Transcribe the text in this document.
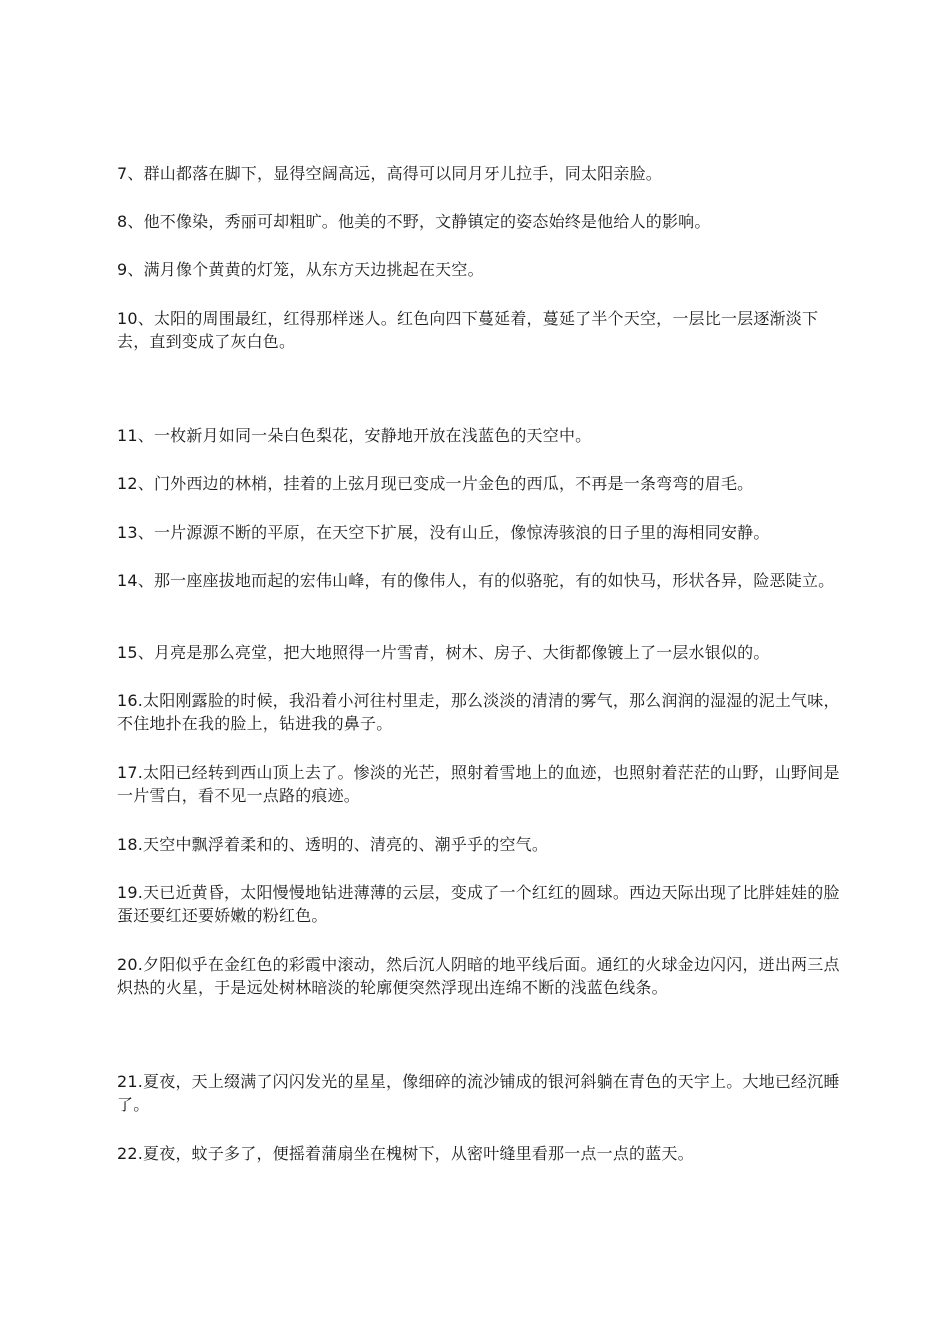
7、群山都落在脚下，显得空阔高远，高得可以同月牙儿拉手，同太阳亲脸。

8、他不像染，秀丽可却粗旷。他美的不野，文静镇定的姿态始终是他给人的影响。

9、满月像个黄黄的灯笼，从东方天边挑起在天空。

10、太阳的周围最红，红得那样迷人。红色向四下蔓延着，蔓延了半个天空，一层比一层逐渐淡下去，直到变成了灰白色。

11、一枚新月如同一朵白色梨花，安静地开放在浅蓝色的天空中。

12、门外西边的林梢，挂着的上弦月现已变成一片金色的西瓜，不再是一条弯弯的眉毛。

13、一片源源不断的平原，在天空下扩展，没有山丘，像惊涛骇浪的日子里的海相同安静。

14、那一座座拔地而起的宏伟山峰，有的像伟人，有的似骆驼，有的如快马，形状各异，险恶陡立。

15、月亮是那么亮堂，把大地照得一片雪青，树木、房子、大街都像镀上了一层水银似的。

16.太阳刚露脸的时候，我沿着小河往村里走，那么淡淡的清清的雾气，那么润润的湿湿的泥土气味，不住地扑在我的脸上，钻进我的鼻子。

17.太阳已经转到西山顶上去了。惨淡的光芒，照射着雪地上的血迹，也照射着茫茫的山野，山野间是一片雪白，看不见一点路的痕迹。

18.天空中飘浮着柔和的、透明的、清亮的、潮乎乎的空气。

19.天已近黄昏，太阳慢慢地钻进薄薄的云层，变成了一个红红的圆球。西边天际出现了比胖娃娃的脸蛋还要红还要娇嫩的粉红色。

20.夕阳似乎在金红色的彩霞中滚动，然后沉人阴暗的地平线后面。通红的火球金边闪闪，迸出两三点炽热的火星，于是远处树林暗淡的轮廓便突然浮现出连绵不断的浅蓝色线条。

21.夏夜，天上缀满了闪闪发光的星星，像细碎的流沙铺成的银河斜躺在青色的天宇上。大地已经沉睡了。

22.夏夜，蚊子多了，便摇着蒲扇坐在槐树下，从密叶缝里看那一点一点的蓝天。
